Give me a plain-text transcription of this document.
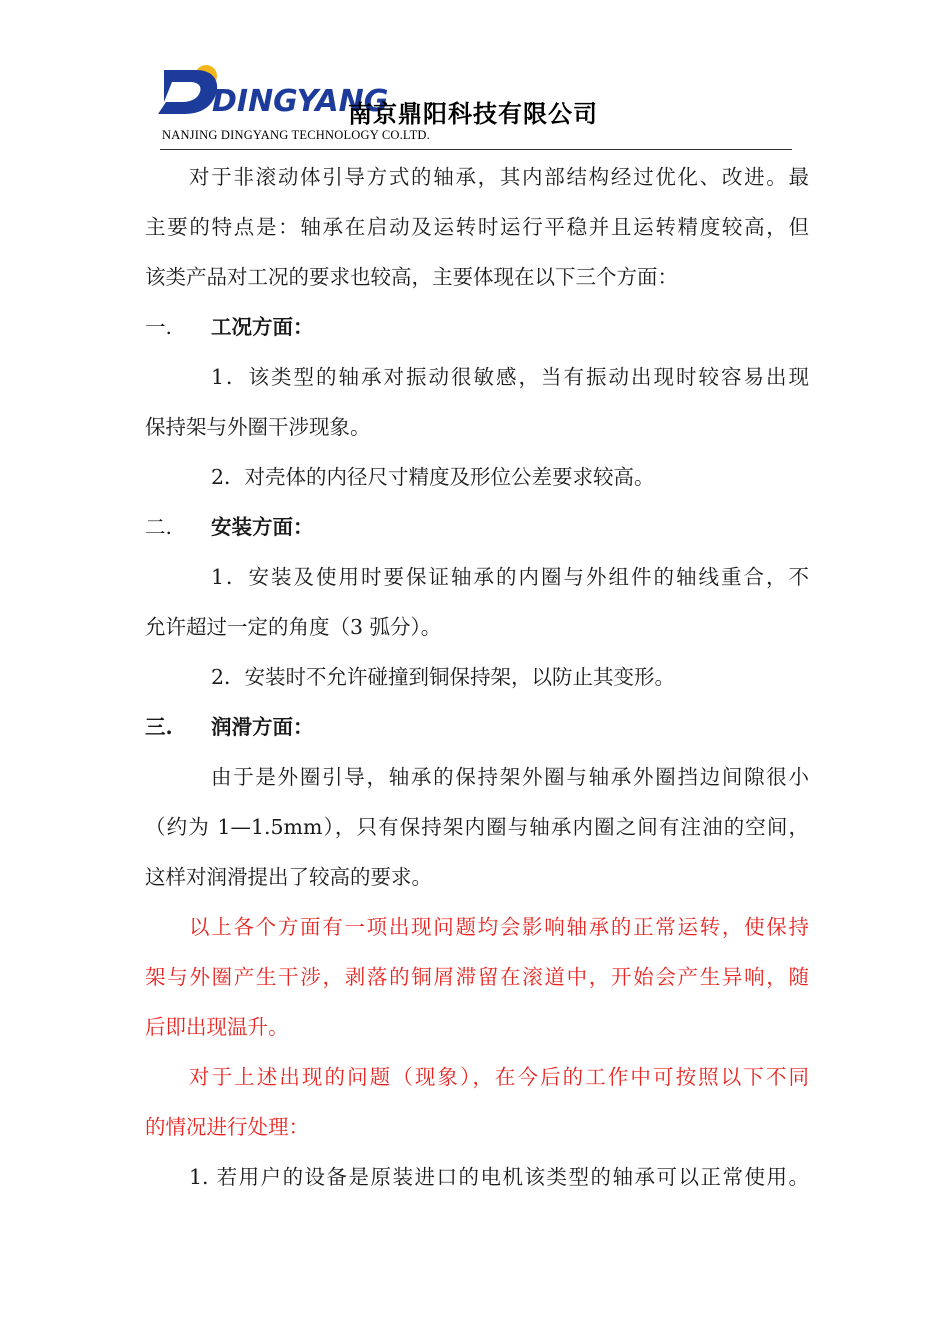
DINGYANG
南京鼎阳科技有限公司
NANJING DINGYANG TECHNOLOGY CO.LTD.
对于非滚动体引导方式的轴承，其内部结构经过优化、改进。最
主要的特点是：轴承在启动及运转时运行平稳并且运转精度较高，但
该类产品对工况的要求也较高，主要体现在以下三个方面：
一. 工况方面：
1．该类型的轴承对振动很敏感，当有振动出现时较容易出现
保持架与外圈干涉现象。
2．对壳体的内径尺寸精度及形位公差要求较高。
二. 安装方面：
1．安装及使用时要保证轴承的内圈与外组件的轴线重合，不
允许超过一定的角度（3 弧分）。
2．安装时不允许碰撞到铜保持架，以防止其变形。
三. 润滑方面：
由于是外圈引导，轴承的保持架外圈与轴承外圈挡边间隙很小
（约为 1—1.5mm），只有保持架内圈与轴承内圈之间有注油的空间，
这样对润滑提出了较高的要求。
以上各个方面有一项出现问题均会影响轴承的正常运转，使保持
架与外圈产生干涉，剥落的铜屑滞留在滚道中，开始会产生异响，随
后即出现温升。
对于上述出现的问题（现象），在今后的工作中可按照以下不同
的情况进行处理：
1. 若用户的设备是原装进口的电机该类型的轴承可以正常使用。
